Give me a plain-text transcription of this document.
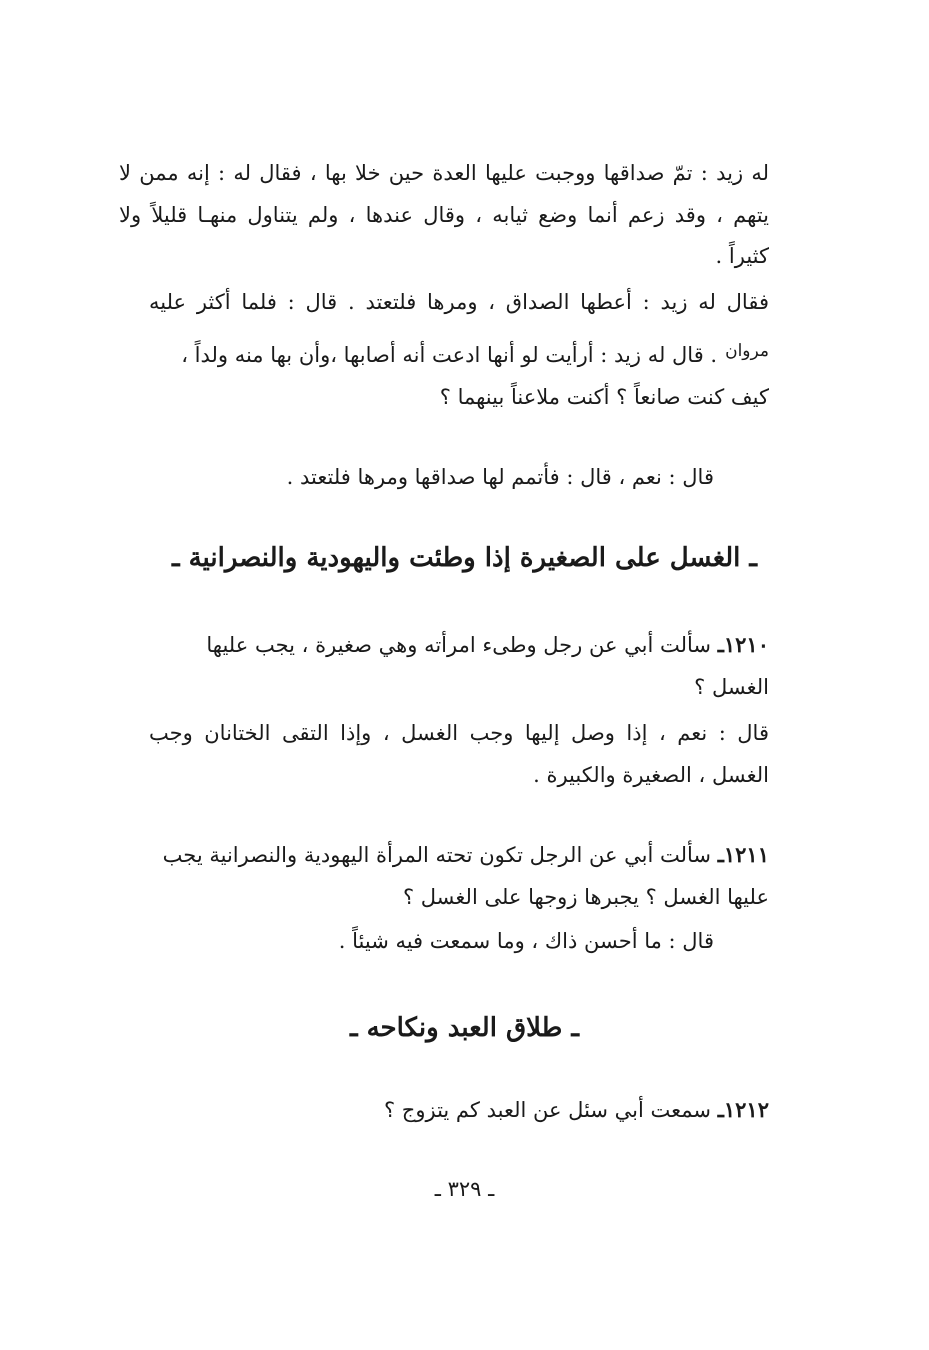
له زيد : تمّ صداقها ووجبت عليها العدة حين خلا بها ، فقال له : إنه ممن لا
يتهم ، وقد زعم أنما وضع ثيابه ، وقال عندها ، ولم يتناول منهـا قليلاً ولا
كثيراً .
فقال له زيد : أعطها الصداق ، ومرها فلتعتد . قال : فلما أكثر عليه
$^{مروان}$. قال له زيد : أرأيت لو أنها ادعت أنه أصابها ،وأن بها منه ولداً ،
كيف كنت صانعاً ؟ أكنت ملاعناً بينهما ؟
قال : نعم ، قال : فأتمم لها صداقها ومرها فلتعتد .
ـ الغسل على الصغيرة إذا وطئت واليهودية والنصرانية ـ
١٢١٠ـ سألت أبي عن رجل وطىء امرأته وهي صغيرة ، يجب عليها
الغسل ؟
قال : نعم ، إذا وصل إليها وجب الغسل ، وإذا التقى الختانان وجب
الغسل ، الصغيرة والكبيرة .
١٢١١ـ سألت أبي عن الرجل تكون تحته المرأة اليهودية والنصرانية يجب
عليها الغسل ؟ يجبرها زوجها على الغسل ؟
قال : ما أحسن ذاك ، وما سمعت فيه شيئاً .
ـ طلاق العبد ونكاحه ـ
١٢١٢ـ سمعت أبي سئل عن العبد كم يتزوج ؟
ـ ٣٢٩ ـ
